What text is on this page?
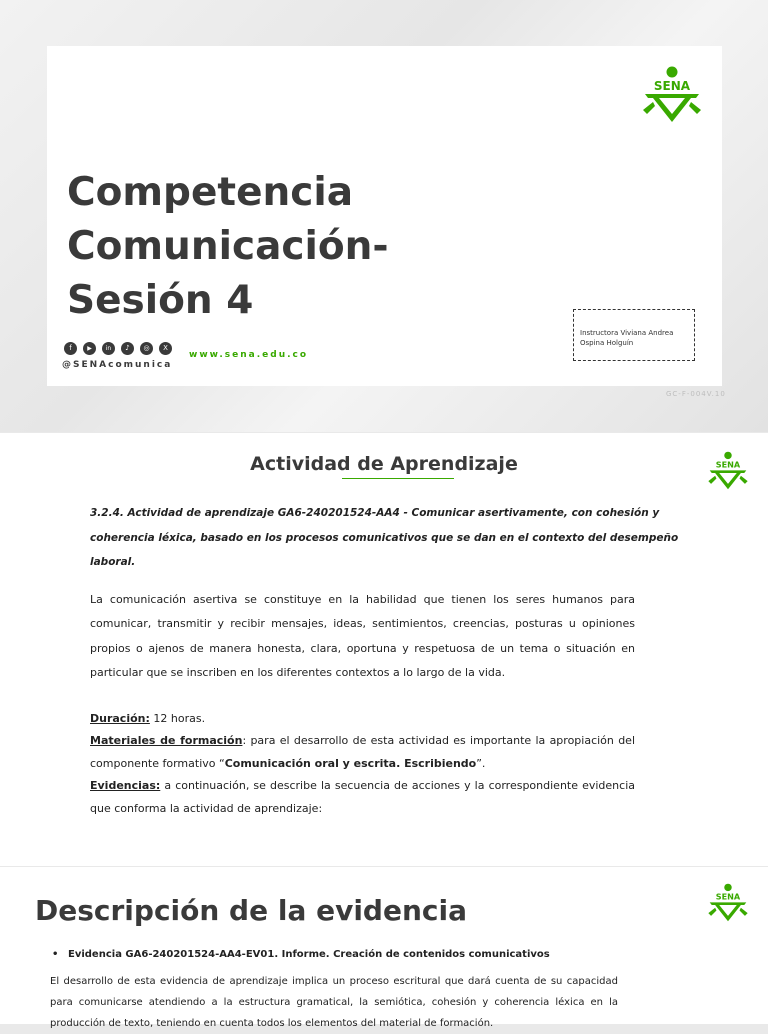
SENA
Competencia
Comunicación-
Sesión 4
f	▶	in	♪	◎	X
@SENAcomunica
www.sena.edu.co
Instructora Viviana Andrea
Ospina Holguín
GC-F-004V.10
Actividad de Aprendizaje	SENA

3.2.4. Actividad de aprendizaje GA6-240201524-AA4 - Comunicar asertivamente, con cohesión y

coherencia léxica, basado en los procesos comunicativos que se dan en el contexto del desempeño

laboral.

La comunicación asertiva se constituye en la habilidad que tienen los seres humanos para comunicar, transmitir y recibir mensajes, ideas, sentimientos, creencias, posturas u opiniones propios o ajenos de manera honesta, clara, oportuna y respetuosa de un tema o situación en particular que se inscriben en los diferentes contextos a lo largo de la vida.

Duración: 12 horas.

Materiales de formación: para el desarrollo de esta actividad es importante la apropiación del componente formativo “Comunicación oral y escrita. Escribiendo”.

Evidencias: a continuación, se describe la secuencia de acciones y la correspondiente evidencia que conforma la actividad de aprendizaje:

Descripción de la evidencia	SENA
• Evidencia GA6-240201524-AA4-EV01. Informe. Creación de contenidos comunicativos

El desarrollo de esta evidencia de aprendizaje implica un proceso escritural que dará cuenta de su capacidad para comunicarse atendiendo a la estructura gramatical, la semiótica, cohesión y coherencia léxica en la producción de texto, teniendo en cuenta todos los elementos del material de formación.
